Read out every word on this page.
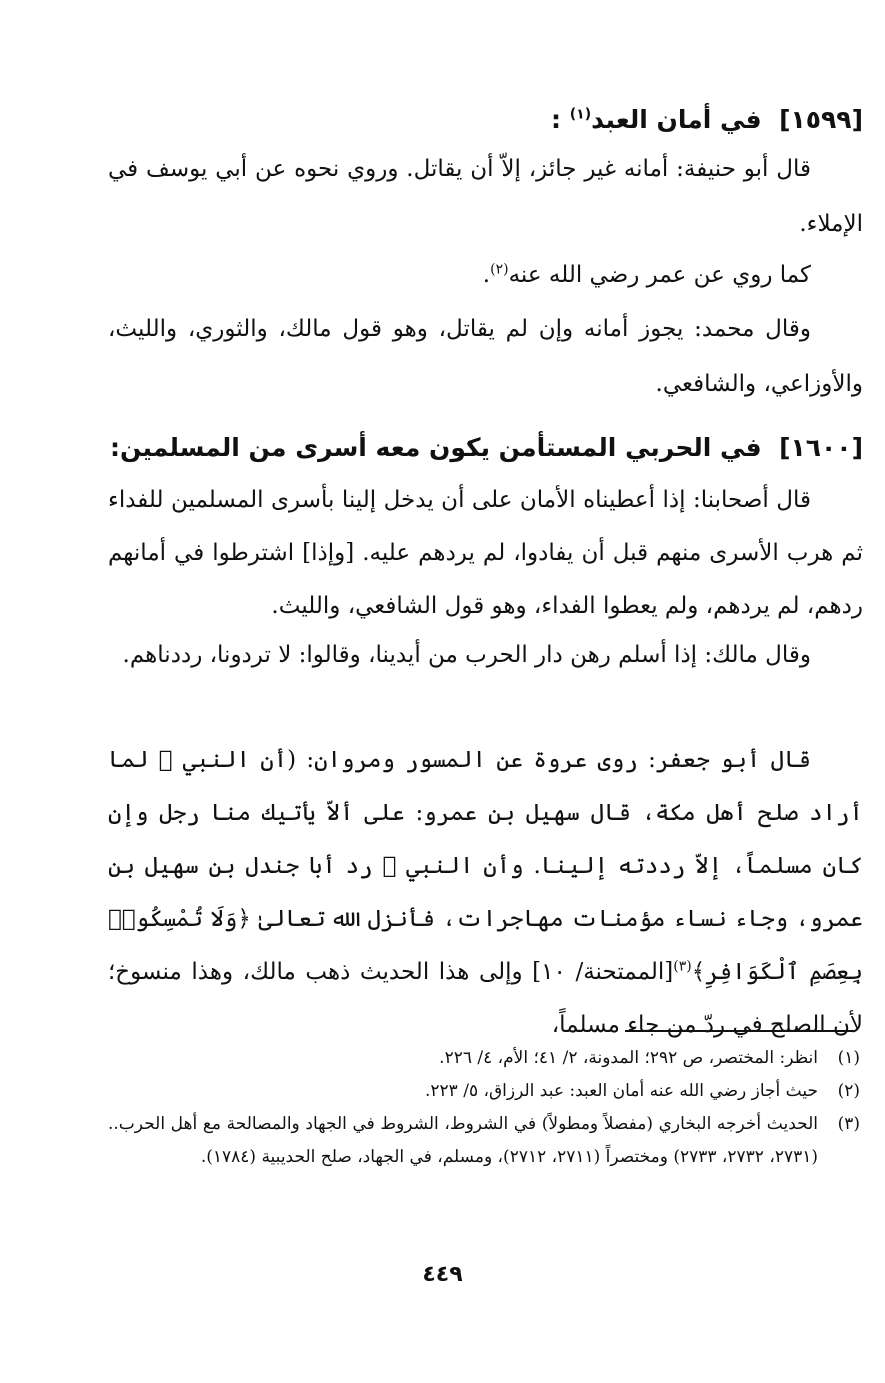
[١٥٩٩]  في أمان العبد$^{(١)}$ :
قال أبو حنيفة: أمانه غير جائز، إلاّ أن يقاتل. وروي نحوه عن أبي يوسف في الإملاء.
كما روي عن عمر رضي الله عنه$^{(٢)}$.
وقال محمد: يجوز أمانه وإن لم يقاتل، وهو قول مالك، والثوري، والليث، والأوزاعي، والشافعي.
[١٦٠٠]  في الحربي المستأمن يكون معه أسرى من المسلمين:
قال أصحابنا: إذا أعطيناه الأمان على أن يدخل إلينا بأسرى المسلمين للفداء ثم هرب الأسرى منهم قبل أن يفادوا، لم يردهم عليه. [وإذا] اشترطوا في أمانهم ردهم، لم يردهم، ولم يعطوا الفداء، وهو قول الشافعي، والليث.
وقال مالك: إذا أسلم رهن دار الحرب من أيدينا، وقالوا: لا تردونا، رددناهم.
قال أبو جعفر: روى عروة عن المسور ومروان: (أن النبي ﷺ لما أراد صلح أهل مكة، قال سهيل بن عمرو: على ألاّ يأتيك منا رجل وإن كان مسلماً، إلاّ رددته إلينا. وأن النبي ﷺ رد أبا جندل بن سهيل بن عمرو، وجاء نساء مؤمنات مهاجرات، فأنزل الله تعالىٰ ﴿وَلَا تُمْسِكُوا۟ بِعِصَمِ ٱلْكَوَافِرِ﴾$^{(٣)}$[الممتحنة/ ١٠] وإلى هذا الحديث ذهب مالك، وهذا منسوخ؛ لأن الصلح في ردّ من جاء مسلماً،
(١)
انظر: المختصر، ص ٢٩٢؛ المدونة، ٢/ ٤١؛ الأم، ٤/ ٢٢٦.
(٢)
حيث أجاز رضي الله عنه أمان العبد: عبد الرزاق، ٥/ ٢٢٣.
(٣)
الحديث أخرجه البخاري (مفصلاً ومطولاً) في الشروط، الشروط في الجهاد والمصالحة مع أهل الحرب.. (٢٧٣١، ٢٧٣٢، ٢٧٣٣) ومختصراً (٢٧١١، ٢٧١٢)، ومسلم، في الجهاد، صلح الحديبية (١٧٨٤).
٤٤٩
